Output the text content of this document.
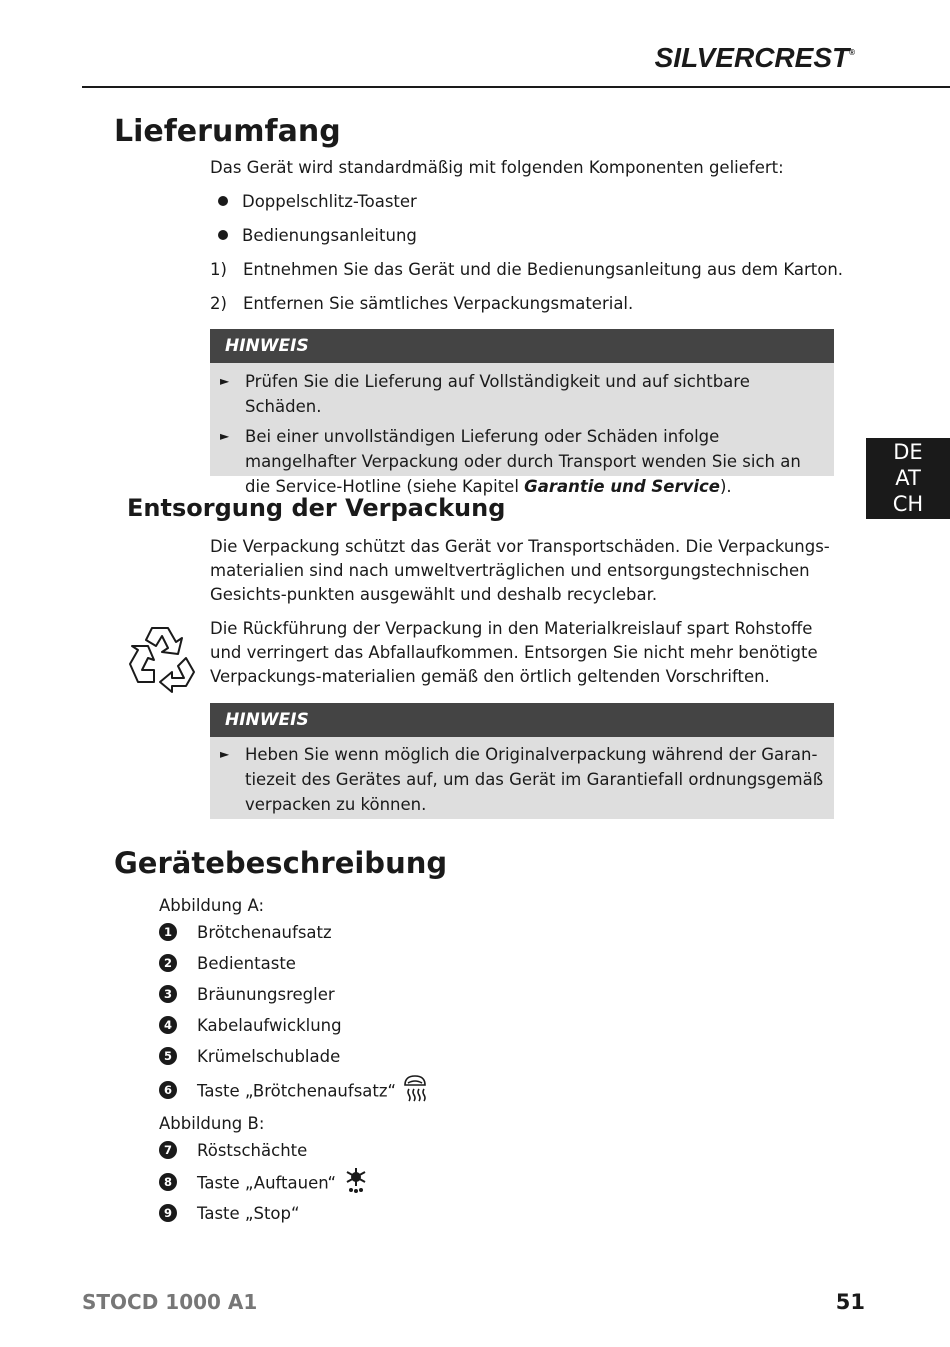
SILVERCREST®
Lieferumfang
Das Gerät wird standardmäßig mit folgenden Komponenten geliefert:
Doppelschlitz-Toaster
Bedienungsanleitung
1) Entnehmen Sie das Gerät und die Bedienungsanleitung aus dem Karton.
2) Entfernen Sie sämtliches Verpackungsmaterial.
HINWEIS
► Prüfen Sie die Lieferung auf Vollständigkeit und auf sichtbare Schäden.
► Bei einer unvollständigen Lieferung oder Schäden infolge mangelhafter Verpackung oder durch Transport wenden Sie sich an die Service-Hotline (siehe Kapitel Garantie und Service).
DE
AT
CH
Entsorgung der Verpackung
Die Verpackung schützt das Gerät vor Transportschäden. Die Verpackungs-materialien sind nach umweltverträglichen und entsorgungstechnischen Gesichts-punkten ausgewählt und deshalb recyclebar.
Die Rückführung der Verpackung in den Materialkreislauf spart Rohstoffe und verringert das Abfallaufkommen. Entsorgen Sie nicht mehr benötigte Verpackungs-materialien gemäß den örtlich geltenden Vorschriften.
HINWEIS
► Heben Sie wenn möglich die Originalverpackung während der Garan-tiezeit des Gerätes auf, um das Gerät im Garantiefall ordnungsgemäß verpacken zu können.
Gerätebeschreibung
Abbildung A:
1 Brötchenaufsatz
2 Bedientaste
3 Bräunungsregler
4 Kabelaufwicklung
5 Krümelschublade
6 Taste „Brötchenaufsatz“
Abbildung B:
7 Röstschächte
8 Taste „Auftauen“
9 Taste „Stop“
STOCD 1000 A1	51
